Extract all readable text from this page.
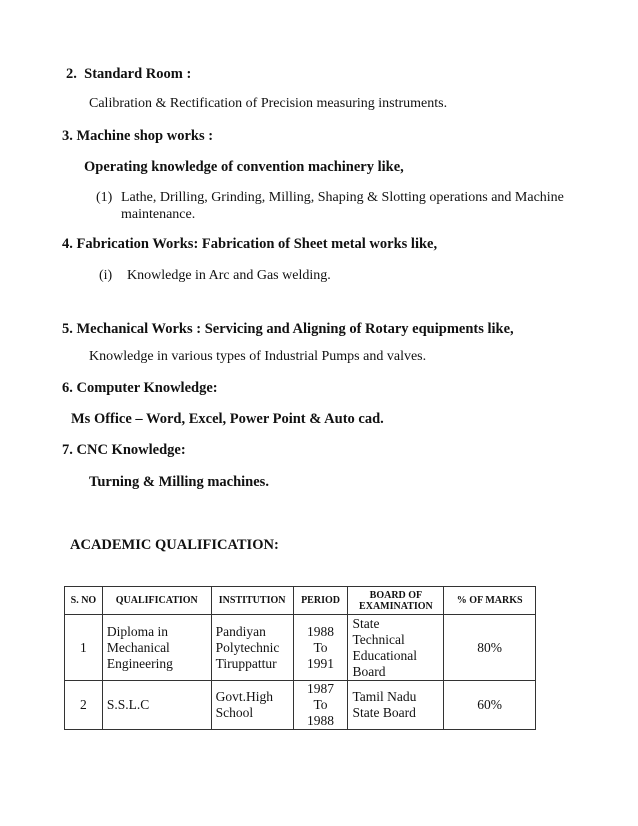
2. Standard Room :
Calibration & Rectification of Precision measuring instruments.
3. Machine shop works :
Operating knowledge of convention machinery like,
(1) Lathe, Drilling, Grinding, Milling, Shaping & Slotting operations and Machine
maintenance.
4. Fabrication Works: Fabrication of Sheet metal works like,
(i) Knowledge in Arc and Gas welding.
5. Mechanical Works : Servicing and Aligning of Rotary equipments like,
Knowledge in various types of Industrial Pumps and valves.
6. Computer Knowledge:
Ms Office – Word, Excel, Power Point & Auto cad.
7. CNC Knowledge:
Turning & Milling machines.
ACADEMIC QUALIFICATION:
S. NO	QUALIFICATION	INSTITUTION	PERIOD	BOARD OF
EXAMINATION	% OF MARKS
1	Diploma in
Mechanical
Engineering	Pandiyan
Polytechnic
Tiruppattur	1988
To
1991	State
Technical
Educational
Board	80%
2	S.S.L.C	Govt.High
School	1987
To
1988	Tamil Nadu
State Board	60%
